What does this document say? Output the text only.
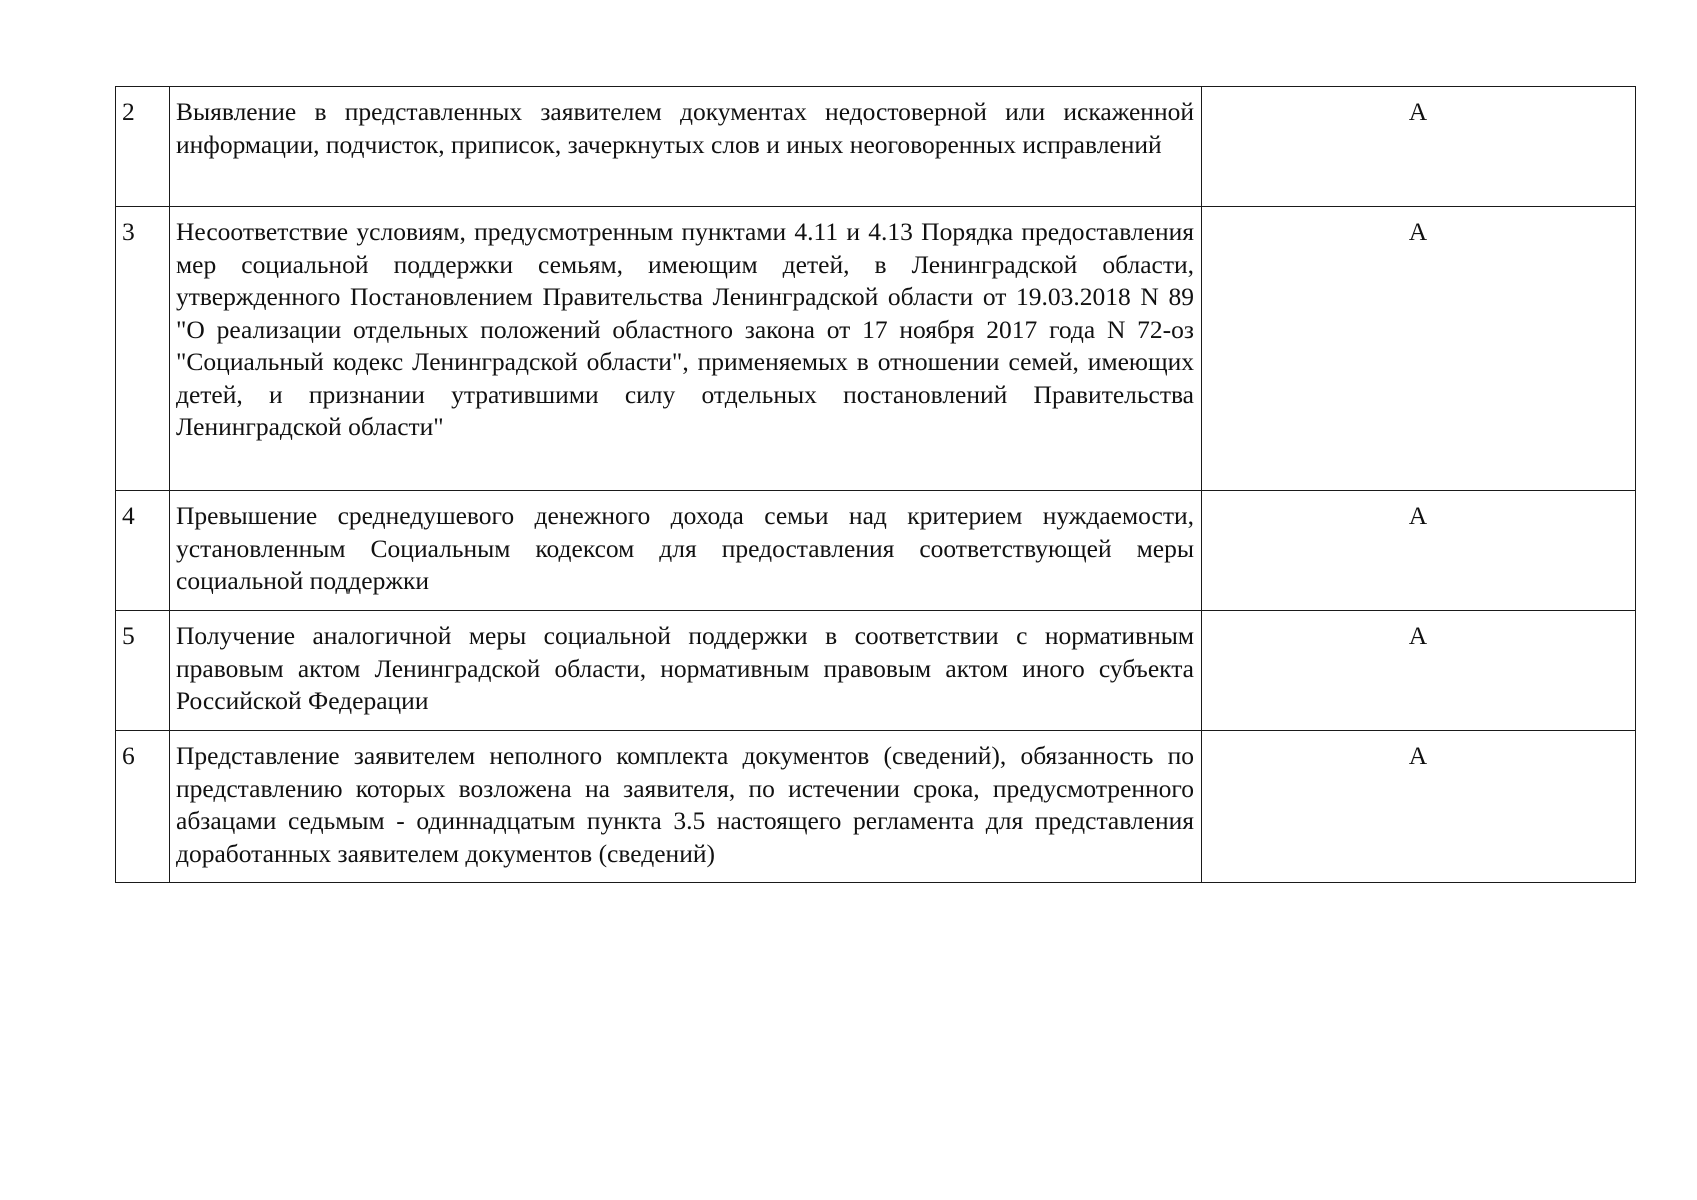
2	Выявление в представленных заявителем документах недостоверной или искаженной информации, подчисток, приписок, зачеркнутых слов и иных неоговоренных исправлений	А
3	Несоответствие условиям, предусмотренным пунктами 4.11 и 4.13 Порядка предоставления мер социальной поддержки семьям, имеющим детей, в Ленинградской области, утвержденного Постановлением Правительства Ленинградской области от 19.03.2018 N 89 "О реализации отдельных положений областного закона от 17 ноября 2017 года N 72-оз "Социальный кодекс Ленинградской области", применяемых в отношении семей, имеющих детей, и признании утратившими силу отдельных постановлений Правительства Ленинградской области"	А
4	Превышение среднедушевого денежного дохода семьи над критерием нуждаемости, установленным Социальным кодексом для предоставления соответствующей меры социальной поддержки	А
5	Получение аналогичной меры социальной поддержки в соответствии с нормативным правовым актом Ленинградской области, нормативным правовым актом иного субъекта Российской Федерации	А
6	Представление заявителем неполного комплекта документов (сведений), обязанность по представлению которых возложена на заявителя, по истечении срока, предусмотренного абзацами седьмым - одиннадцатым пункта 3.5 настоящего регламента для представления доработанных заявителем документов (сведений)	А
